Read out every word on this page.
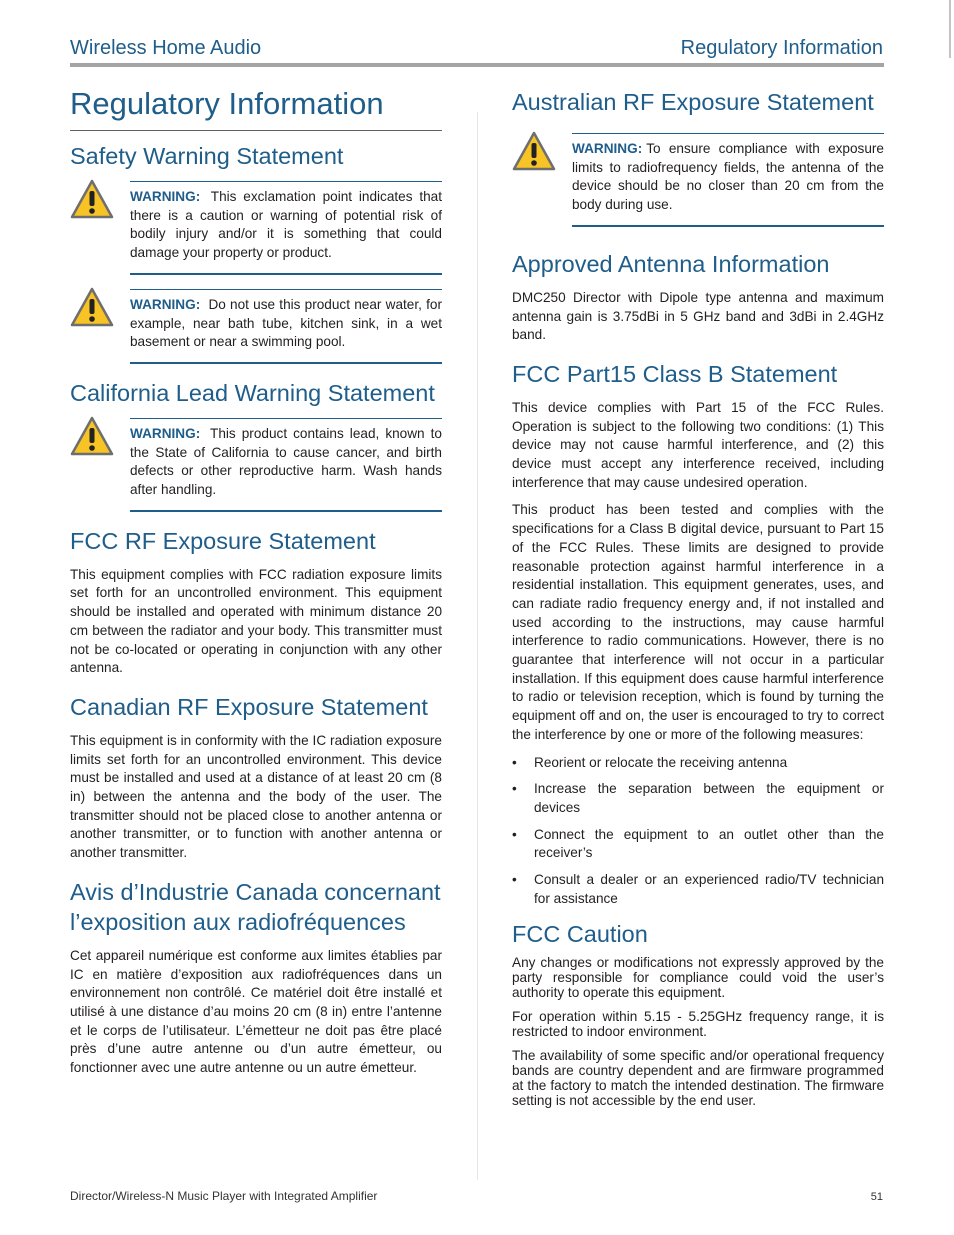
Wireless Home Audio	Regulatory Information
Regulatory Information
Safety Warning Statement

WARNING: This exclamation point indicates that there is a caution or warning of potential risk of bodily injury and/or it is something that could damage your property or product.

WARNING: Do not use this product near water, for example, near bath tube, kitchen sink, in a wet basement or near a swimming pool.

California Lead Warning Statement

WARNING: This product contains lead, known to the State of California to cause cancer, and birth defects or other reproductive harm. Wash hands after handling.

FCC RF Exposure Statement

This equipment complies with FCC radiation exposure limits set forth for an uncontrolled environment. This equipment should be installed and operated with minimum distance 20 cm between the radiator and your body. This transmitter must not be co-located or operating in conjunction with any other antenna.

Canadian RF Exposure Statement

This equipment is in conformity with the IC radiation exposure limits set forth for an uncontrolled environment. This device must be installed and used at a distance of at least 20 cm (8 in) between the antenna and the body of the user. The transmitter should not be placed close to another antenna or another transmitter, or to function with another antenna or another transmitter.

Avis d’Industrie Canada concernant l’exposition aux radiofréquences

Cet appareil numérique est conforme aux limites établies par IC en matière d’exposition aux radiofréquences dans un environnement non contrôlé. Ce matériel doit être installé et utilisé à une distance d’au moins 20 cm (8 in) entre l’antenne et le corps de l’utilisateur. L’émetteur ne doit pas être placé près d’une autre antenne ou d’un autre émetteur, ou fonctionner avec une autre antenne ou un autre émetteur.

Australian RF Exposure Statement

WARNING: To ensure compliance with exposure limits to radiofrequency fields, the antenna of the device should be no closer than 20 cm from the body during use.

Approved Antenna Information

DMC250 Director with Dipole type antenna and maximum antenna gain is 3.75dBi in 5 GHz band and 3dBi in 2.4GHz band.

FCC Part15 Class B Statement

This device complies with Part 15 of the FCC Rules. Operation is subject to the following two conditions: (1) This device may not cause harmful interference, and (2) this device must accept any interference received, including interference that may cause undesired operation.

This product has been tested and complies with the specifications for a Class B digital device, pursuant to Part 15 of the FCC Rules. These limits are designed to provide reasonable protection against harmful interference in a residential installation. This equipment generates, uses, and can radiate radio frequency energy and, if not installed and used according to the instructions, may cause harmful interference to radio communications. However, there is no guarantee that interference will not occur in a particular installation. If this equipment does cause harmful interference to radio or television reception, which is found by turning the equipment off and on, the user is encouraged to try to correct the interference by one or more of the following measures:

• Reorient or relocate the receiving antenna
• Increase the separation between the equipment or devices
• Connect the equipment to an outlet other than the receiver’s
• Consult a dealer or an experienced radio/TV technician for assistance
FCC Caution

Any changes or modifications not expressly approved by the party responsible for compliance could void the user’s authority to operate this equipment.

For operation within 5.15 - 5.25GHz frequency range, it is restricted to indoor environment.

The availability of some specific and/or operational frequency bands are country dependent and are firmware programmed at the factory to match the intended destination. The firmware setting is not accessible by the end user.

Director/Wireless-N Music Player with Integrated Amplifier	51
